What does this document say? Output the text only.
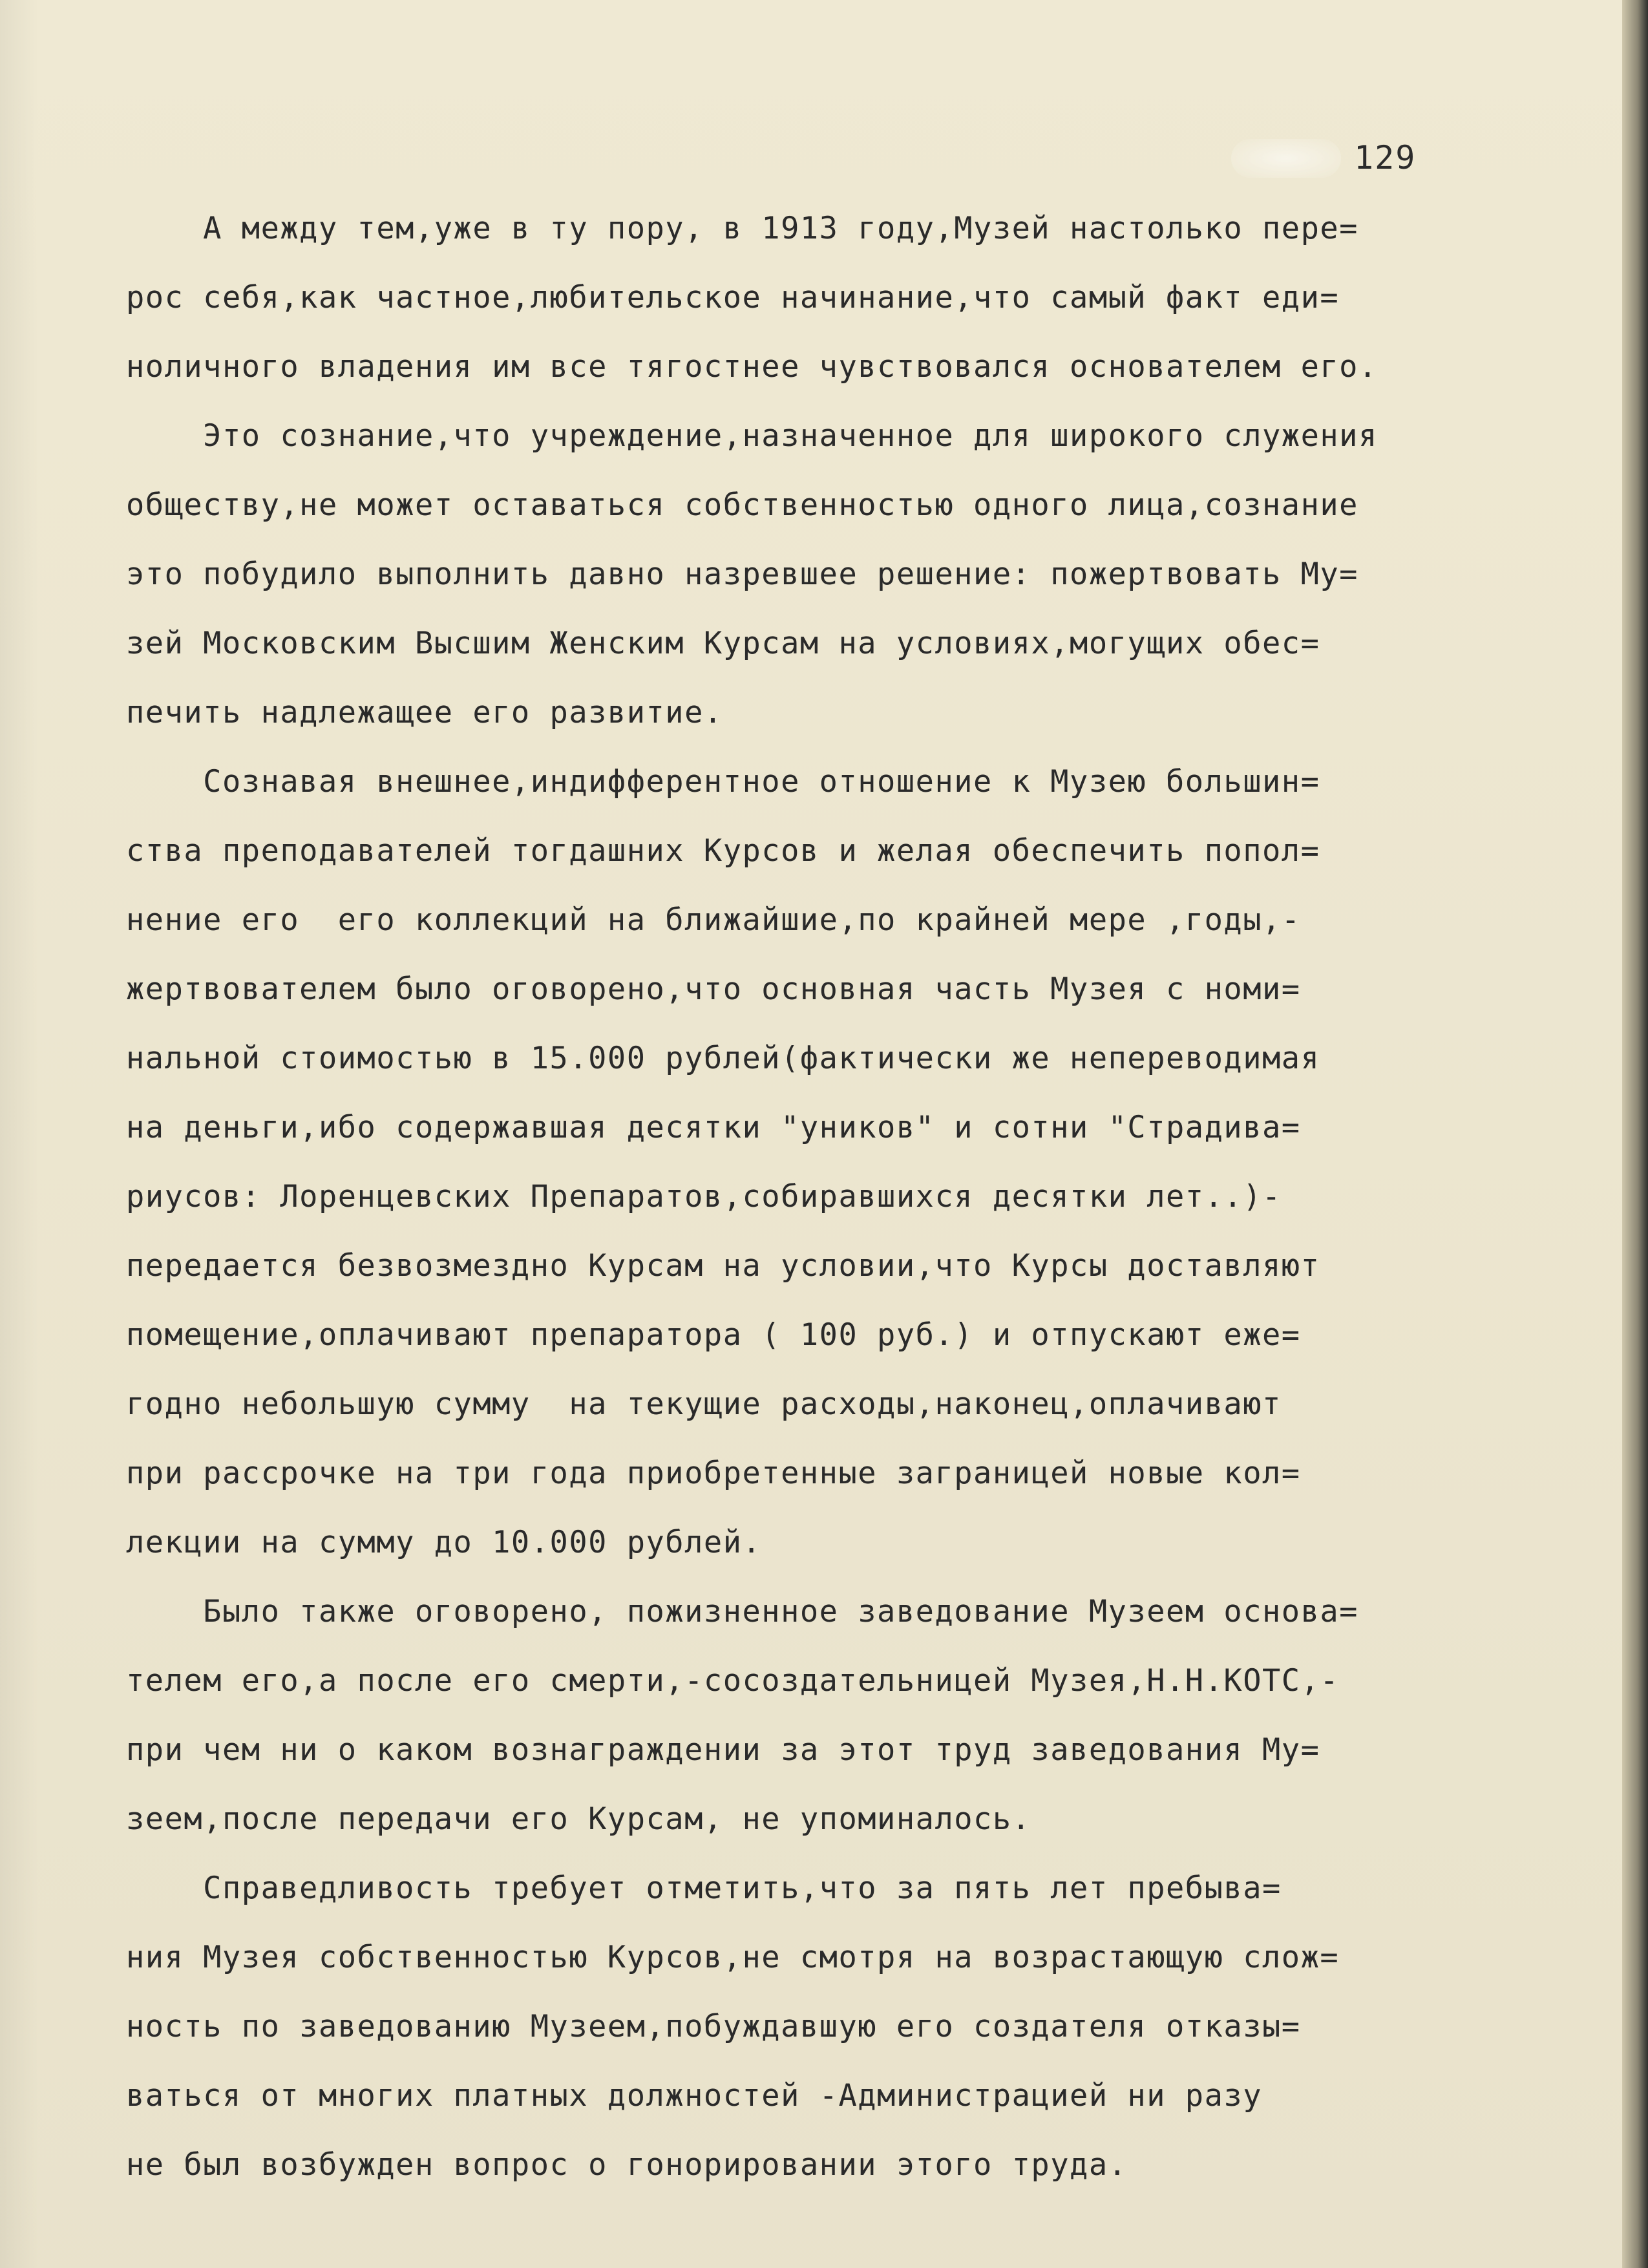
129
А между тем,уже в ту пору, в 1913 году,Музей настолько пере=
рос себя,как частное,любительское начинание,что самый факт еди=
ноличного владения им все тягостнее чувствовался основателем его.
Это сознание,что учреждение,назначенное для широкого служения
обществу,не может оставаться собственностью одного лица,сознание
это побудило выполнить давно назревшее решение: пожертвовать Му=
зей Московским Высшим Женским Курсам на условиях,могущих обес=
печить надлежащее его развитие.
Сознавая внешнее,индифферентное отношение к Музею большин=
ства преподавателей тогдашних Курсов и желая обеспечить попол=
нение его  его коллекций на ближайшие,по крайней мере ,годы,-
жертвователем было оговорено,что основная часть Музея с номи=
нальной стоимостью в 15.000 рублей(фактически же непереводимая
на деньги,ибо содержавшая десятки "уников" и сотни "Страдива=
риусов: Лоренцевских Препаратов,собиравшихся десятки лет..)-
передается безвозмездно Курсам на условии,что Курсы доставляют
помещение,оплачивают препаратора ( 100 руб.) и отпускают еже=
годно небольшую сумму  на текущие расходы,наконец,оплачивают
при рассрочке на три года приобретенные заграницей новые кол=
лекции на сумму до 10.000 рублей.
Было также оговорено, пожизненное заведование Музеем основа=
телем его,а после его смерти,-сосоздательницей Музея,Н.Н.КОТС,-
при чем ни о каком вознаграждении за этот труд заведования Му=
зеем,после передачи его Курсам, не упоминалось.
Справедливость требует отметить,что за пять лет пребыва=
ния Музея собственностью Курсов,не смотря на возрастающую слож=
ность по заведованию Музеем,побуждавшую его создателя отказы=
ваться от многих платных должностей -Администрацией ни разу
не был возбужден вопрос о гонорировании этого труда.
